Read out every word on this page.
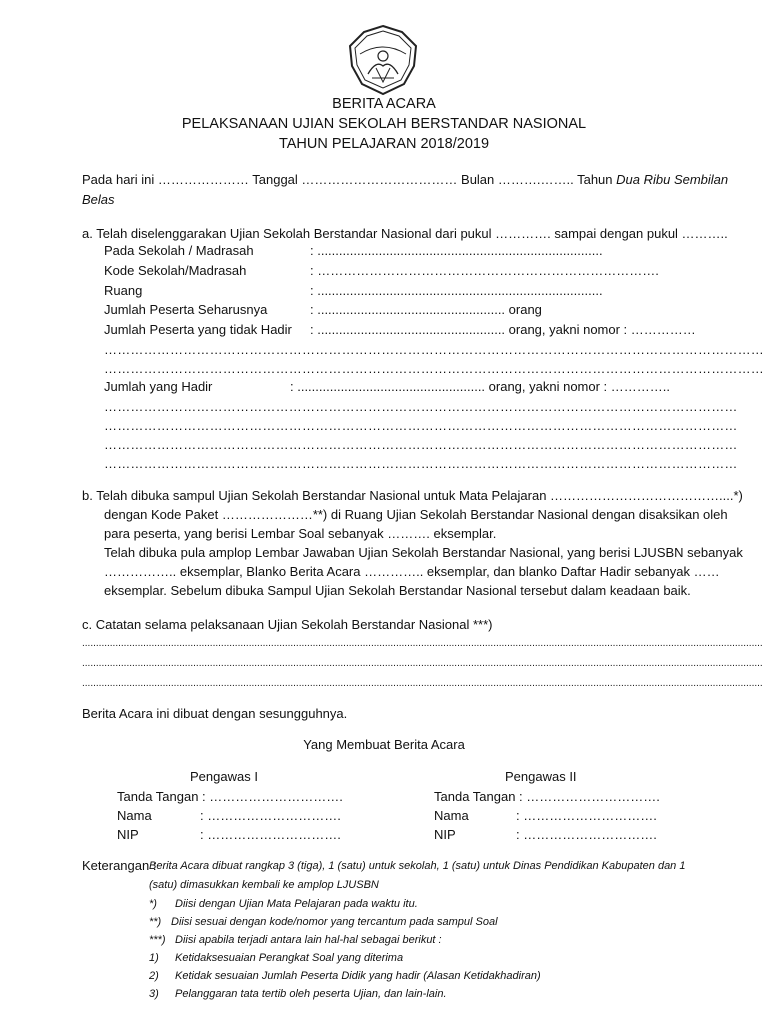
BERITA ACARA
PELAKSANAAN UJIAN SEKOLAH BERSTANDAR NASIONAL
TAHUN PELAJARAN 2018/2019
Pada hari ini ………………… Tanggal ……………………………… Bulan ……….…….. Tahun Dua Ribu Sembilan
Belas
a. Telah diselenggarakan Ujian Sekolah Berstandar Nasional dari pukul …………. sampai dengan pukul ………..
Pada Sekolah / Madrasah	: ...............................................................................
Kode Sekolah/Madrasah	: …………………………………………………………………….
Ruang	: ...............................................................................
Jumlah Peserta Seharusnya	: .................................................... orang
Jumlah Peserta yang tidak Hadir : .................................................... orang, yakni nomor : ……………
……………………………………………………………………………………………………………………………………
……………………………………………………………………………………………………………………………………
Jumlah yang Hadir	: .................................................... orang, yakni nomor : …………..
………………………………………………………………………………………………………………………………
………………………………………………………………………………………………………………………………
………………………………………………………………………………………………………………………………
………………………………………………………………………………………………………………………………
b. Telah dibuka sampul Ujian Sekolah Berstandar Nasional untuk Mata Pelajaran …………………………………....*)
dengan Kode Paket …………………**) di Ruang Ujian Sekolah Berstandar Nasional dengan disaksikan oleh
para peserta, yang berisi Lembar Soal sebanyak ………. eksemplar.
Telah dibuka pula amplop Lembar Jawaban Ujian Sekolah Berstandar Nasional, yang berisi LJUSBN sebanyak
…………….. eksemplar, Blanko Berita Acara ………….. eksemplar, dan blanko Daftar Hadir sebanyak ……
eksemplar. Sebelum dibuka Sampul Ujian Sekolah Berstandar Nasional tersebut dalam keadaan baik.
c. Catatan selama pelaksanaan Ujian Sekolah Berstandar Nasional ***)
.....................................................................................................................................................................................................................................................
.....................................................................................................................................................................................................................................................
.....................................................................................................................................................................................................................................................
Berita Acara ini dibuat dengan sesungguhnya.
Yang Membuat Berita Acara
Pengawas I
Tanda Tangan : ………………………….
Nama	: ………………………….
NIP	: ………………………….
Pengawas II
Tanda Tangan : ………………………….
Nama	: ………………………….
NIP	: ………………………….
Keterangan :
Berita Acara dibuat rangkap 3 (tiga), 1 (satu) untuk sekolah, 1 (satu) untuk Dinas Pendidikan Kabupaten dan 1
(satu) dimasukkan kembali ke amplop LJUSBN
*) Diisi dengan Ujian Mata Pelajaran pada waktu itu.
**) Diisi sesuai dengan kode/nomor yang tercantum pada sampul Soal
***) Diisi apabila terjadi antara lain hal-hal sebagai berikut :
1) Ketidaksesuaian Perangkat Soal yang diterima
2) Ketidak sesuaian Jumlah Peserta Didik yang hadir (Alasan Ketidakhadiran)
3) Pelanggaran tata tertib oleh peserta Ujian, dan lain-lain.
